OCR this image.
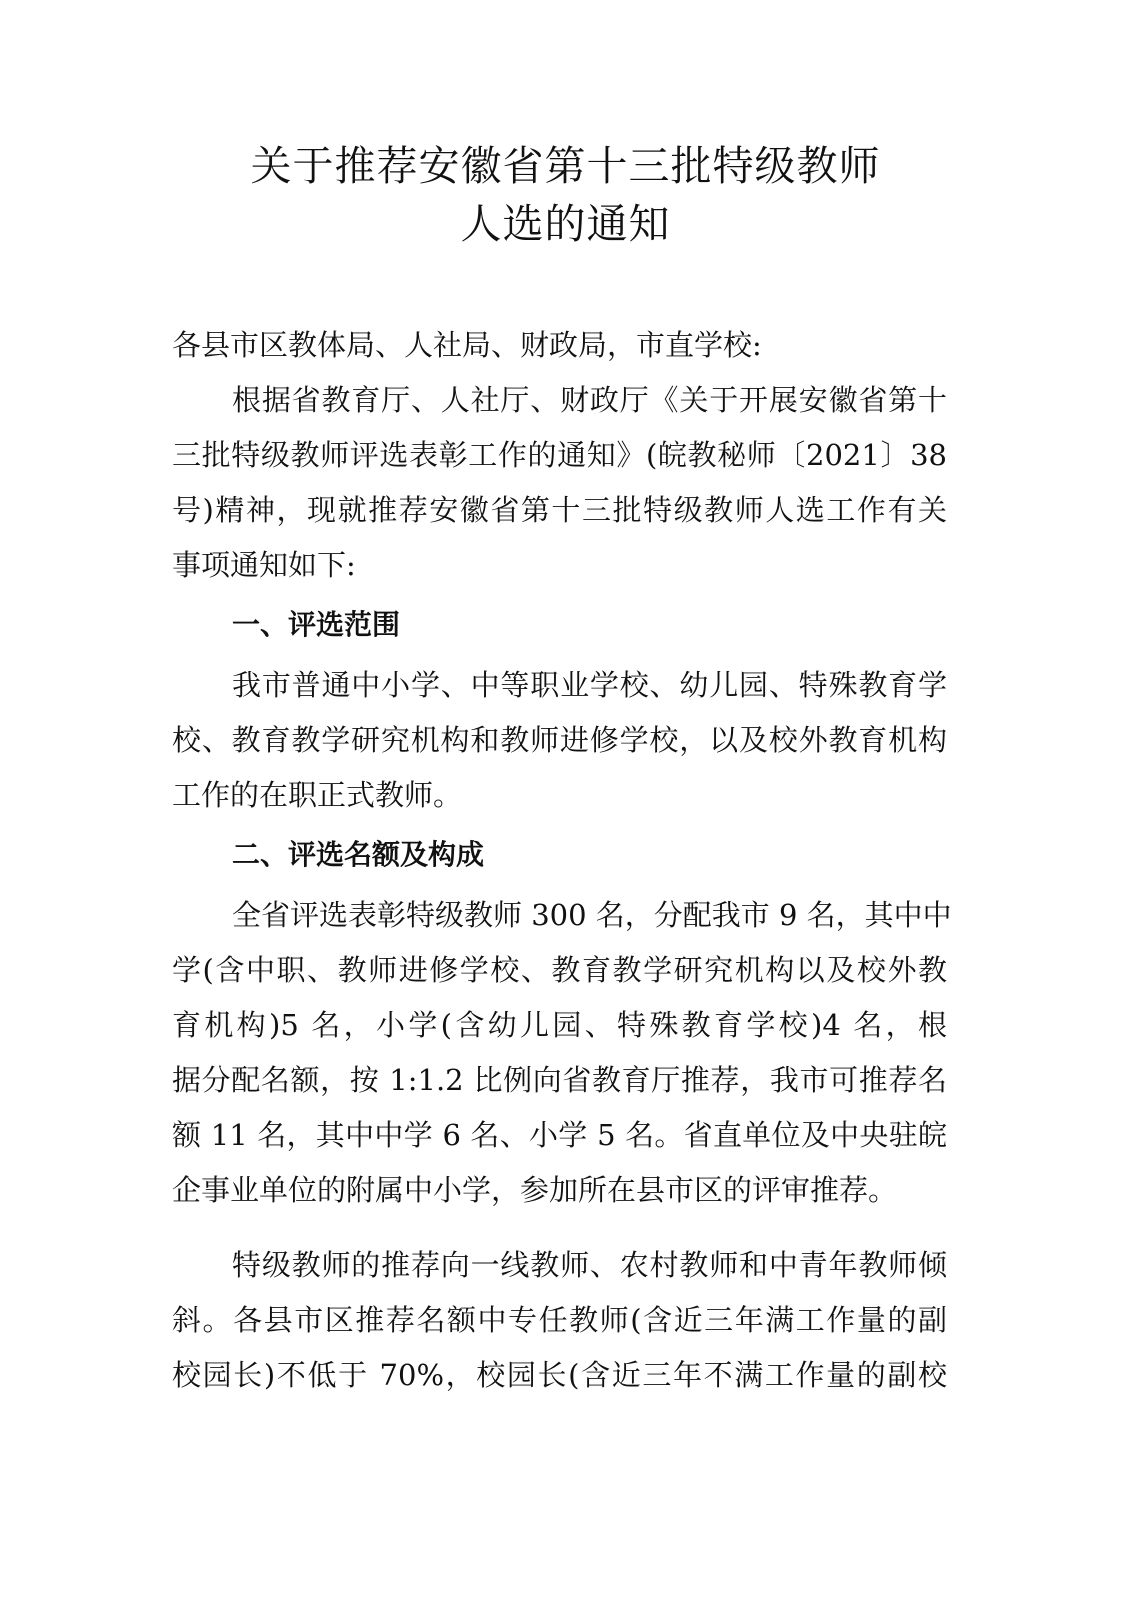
关于推荐安徽省第十三批特级教师
人选的通知

各县市区教体局、人社局、财政局，市直学校:

根据省教育厅、人社厅、财政厅《关于开展安徽省第十

三批特级教师评选表彰工作的通知》(皖教秘师〔2021〕38

号)精神，现就推荐安徽省第十三批特级教师人选工作有关

事项通知如下:

一、评选范围

我市普通中小学、中等职业学校、幼儿园、特殊教育学

校、教育教学研究机构和教师进修学校，以及校外教育机构

工作的在职正式教师。

二、评选名额及构成

全省评选表彰特级教师 300 名，分配我市 9 名，其中中

学(含中职、教师进修学校、教育教学研究机构以及校外教

育机构)5 名，小学(含幼儿园、特殊教育学校)4 名，根

据分配名额，按 1:1.2 比例向省教育厅推荐，我市可推荐名

额 11 名，其中中学 6 名、小学 5 名。省直单位及中央驻皖

企事业单位的附属中小学，参加所在县市区的评审推荐。

特级教师的推荐向一线教师、农村教师和中青年教师倾

斜。各县市区推荐名额中专任教师(含近三年满工作量的副

校园长)不低于 70%，校园长(含近三年不满工作量的副校
